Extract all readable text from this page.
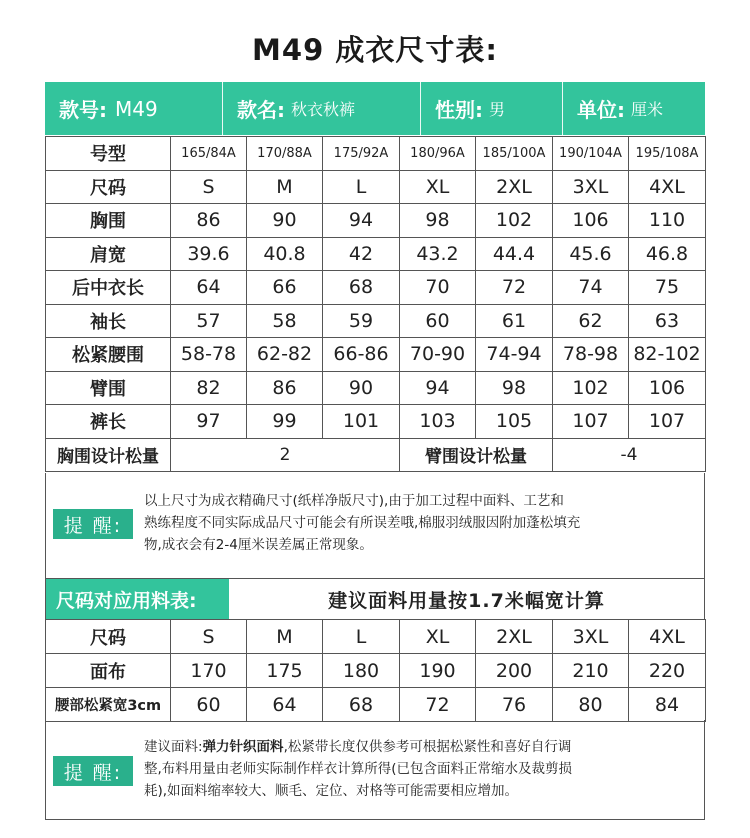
M49 成衣尺寸表:
款号: M49	款名: 秋衣秋裤	性别: 男	单位: 厘米
号型	165/84A	170/88A	175/92A	180/96A	185/100A	190/104A	195/108A
尺码	S	M	L	XL	2XL	3XL	4XL
胸围	86	90	94	98	102	106	110
肩宽	39.6	40.8	42	43.2	44.4	45.6	46.8
后中衣长	64	66	68	70	72	74	75
袖长	57	58	59	60	61	62	63
松紧腰围	58-78	62-82	66-86	70-90	74-94	78-98	82-102
臂围	82	86	90	94	98	102	106
裤长	97	99	101	103	105	107	107
胸围设计松量	2			臂围设计松量		-4	
提 醒:
以上尺寸为成衣精确尺寸(纸样净版尺寸),由于加工过程中面料、工艺和
熟练程度不同实际成品尺寸可能会有所误差哦,棉服羽绒服因附加蓬松填充
物,成衣会有2-4厘米误差属正常现象。
尺码对应用料表:	建议面料用量按1.7米幅宽计算
尺码	S	M	L	XL	2XL	3XL	4XL
面布	170	175	180	190	200	210	220
腰部松紧宽3cm	60	64	68	72	76	80	84
提 醒:
建议面料:弹力针织面料,松紧带长度仅供参考可根据松紧性和喜好自行调
整,布料用量由老师实际制作样衣计算所得(已包含面料正常缩水及裁剪损
耗),如面料缩率较大、顺毛、定位、对格等可能需要相应增加。
